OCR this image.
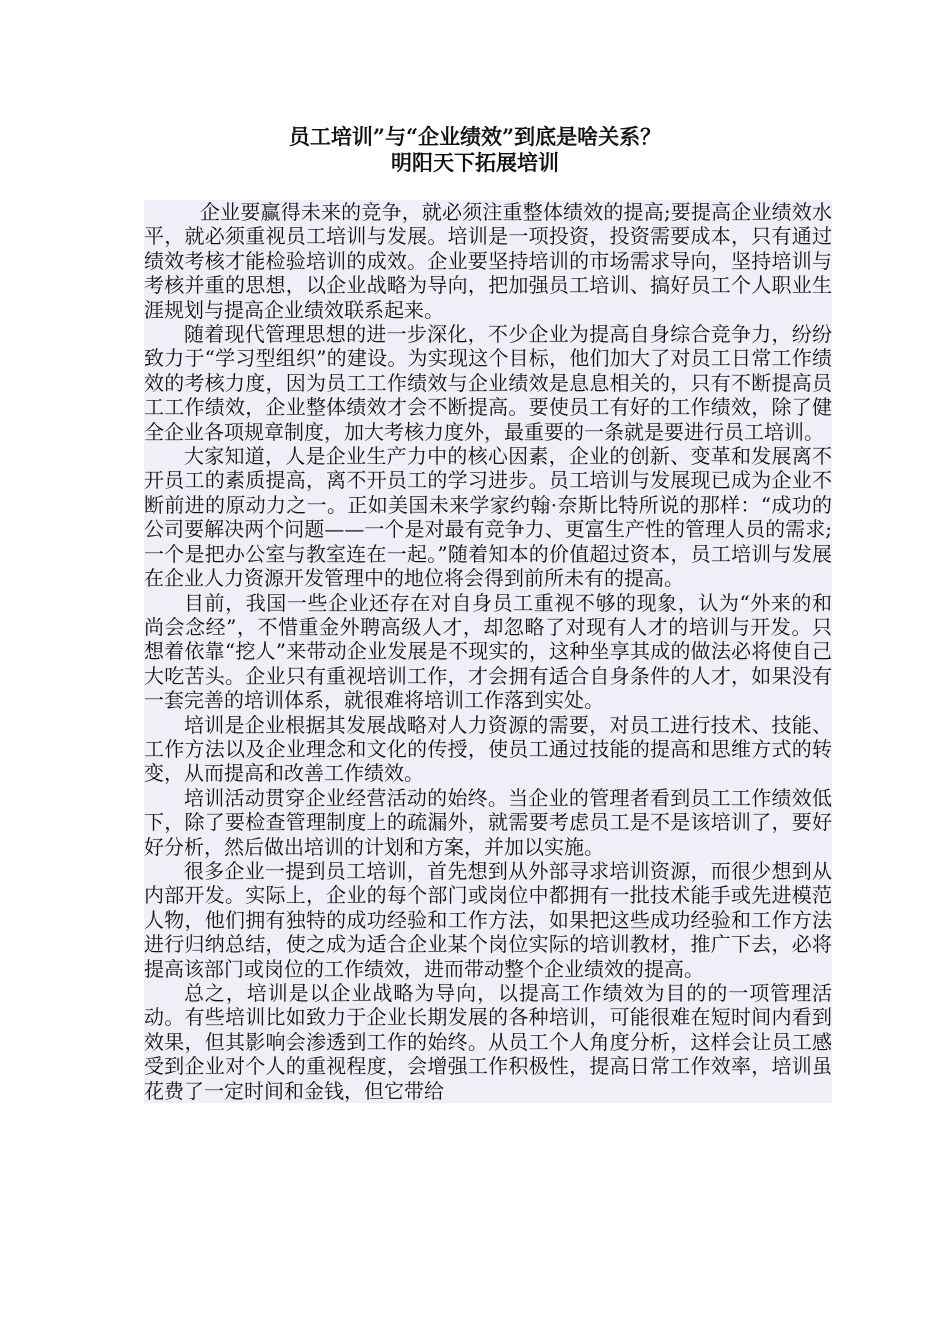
员工培训”与“企业绩效”到底是啥关系？
明阳天下拓展培训

企业要赢得未来的竞争，就必须注重整体绩效的提高;要提高企业绩效水平，就必须重视员工培训与发展。培训是一项投资，投资需要成本，只有通过绩效考核才能检验培训的成效。企业要坚持培训的市场需求导向，坚持培训与考核并重的思想，以企业战略为导向，把加强员工培训、搞好员工个人职业生涯规划与提高企业绩效联系起来。

随着现代管理思想的进一步深化，不少企业为提高自身综合竞争力，纷纷致力于“学习型组织”的建设。为实现这个目标，他们加大了对员工日常工作绩效的考核力度，因为员工工作绩效与企业绩效是息息相关的，只有不断提高员工工作绩效，企业整体绩效才会不断提高。要使员工有好的工作绩效，除了健全企业各项规章制度，加大考核力度外，最重要的一条就是要进行员工培训。

大家知道，人是企业生产力中的核心因素，企业的创新、变革和发展离不开员工的素质提高，离不开员工的学习进步。员工培训与发展现已成为企业不断前进的原动力之一。正如美国未来学家约翰·奈斯比特所说的那样：“成功的公司要解决两个问题——一个是对最有竞争力、更富生产性的管理人员的需求;一个是把办公室与教室连在一起。”随着知本的价值超过资本，员工培训与发展在企业人力资源开发管理中的地位将会得到前所未有的提高。

目前，我国一些企业还存在对自身员工重视不够的现象，认为“外来的和尚会念经”，不惜重金外聘高级人才，却忽略了对现有人才的培训与开发。只想着依靠“挖人”来带动企业发展是不现实的，这种坐享其成的做法必将使自己大吃苦头。企业只有重视培训工作，才会拥有适合自身条件的人才，如果没有一套完善的培训体系，就很难将培训工作落到实处。

培训是企业根据其发展战略对人力资源的需要，对员工进行技术、技能、工作方法以及企业理念和文化的传授，使员工通过技能的提高和思维方式的转变，从而提高和改善工作绩效。

培训活动贯穿企业经营活动的始终。当企业的管理者看到员工工作绩效低下，除了要检查管理制度上的疏漏外，就需要考虑员工是不是该培训了，要好好分析，然后做出培训的计划和方案，并加以实施。

很多企业一提到员工培训，首先想到从外部寻求培训资源，而很少想到从内部开发。实际上，企业的每个部门或岗位中都拥有一批技术能手或先进模范人物，他们拥有独特的成功经验和工作方法，如果把这些成功经验和工作方法进行归纳总结，使之成为适合企业某个岗位实际的培训教材，推广下去，必将提高该部门或岗位的工作绩效，进而带动整个企业绩效的提高。

总之，培训是以企业战略为导向，以提高工作绩效为目的的一项管理活动。有些培训比如致力于企业长期发展的各种培训，可能很难在短时间内看到效果，但其影响会渗透到工作的始终。从员工个人角度分析，这样会让员工感受到企业对个人的重视程度，会增强工作积极性，提高日常工作效率，培训虽花费了一定时间和金钱，但它带给
